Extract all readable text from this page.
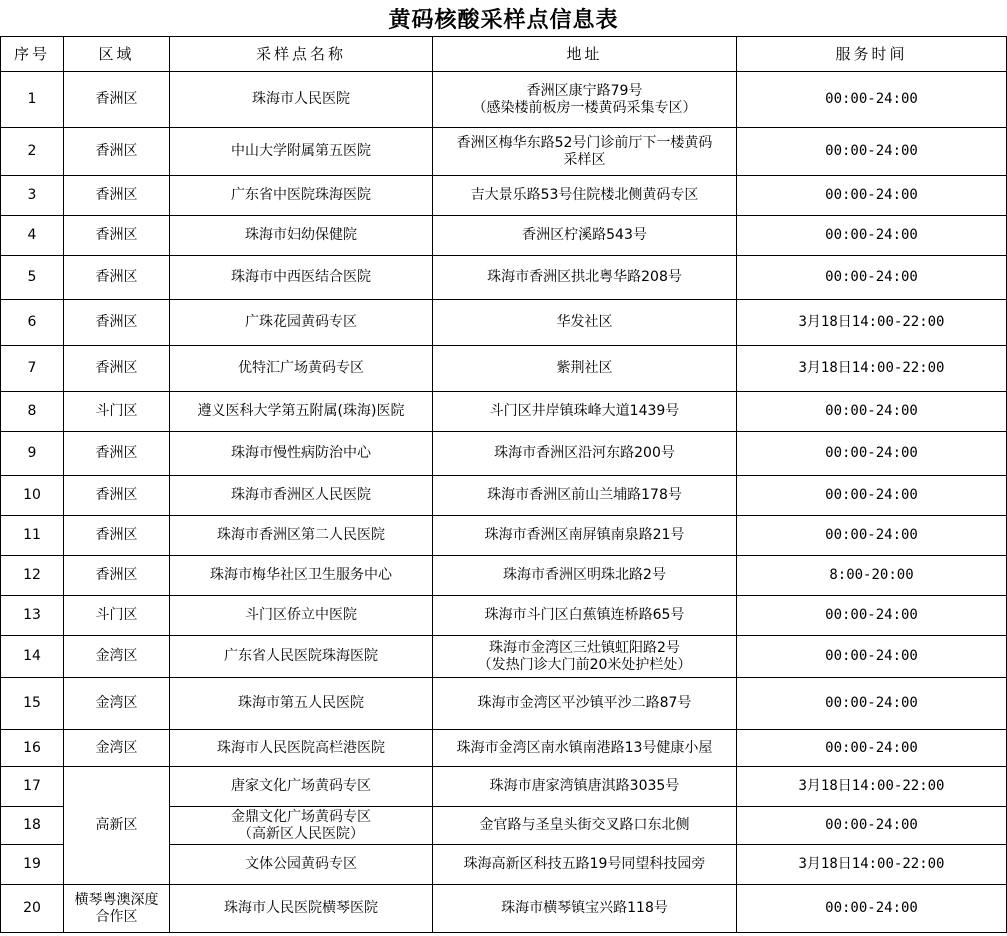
黄码核酸采样点信息表
序号	区域	采样点名称	地址	服务时间
1	香洲区	珠海市人民医院	香洲区康宁路79号
（感染楼前板房一楼黄码采集专区）	00:00-24:00
2	香洲区	中山大学附属第五医院	香洲区梅华东路52号门诊前厅下一楼黄码
采样区	00:00-24:00
3	香洲区	广东省中医院珠海医院	吉大景乐路53号住院楼北侧黄码专区	00:00-24:00
4	香洲区	珠海市妇幼保健院	香洲区柠溪路543号	00:00-24:00
5	香洲区	珠海市中西医结合医院	珠海市香洲区拱北粤华路208号	00:00-24:00
6	香洲区	广珠花园黄码专区	华发社区	3月18日14:00-22:00
7	香洲区	优特汇广场黄码专区	紫荆社区	3月18日14:00-22:00
8	斗门区	遵义医科大学第五附属(珠海)医院	斗门区井岸镇珠峰大道1439号	00:00-24:00
9	香洲区	珠海市慢性病防治中心	珠海市香洲区沿河东路200号	00:00-24:00
10	香洲区	珠海市香洲区人民医院	珠海市香洲区前山兰埔路178号	00:00-24:00
11	香洲区	珠海市香洲区第二人民医院	珠海市香洲区南屏镇南泉路21号	00:00-24:00
12	香洲区	珠海市梅华社区卫生服务中心	珠海市香洲区明珠北路2号	8:00-20:00
13	斗门区	斗门区侨立中医院	珠海市斗门区白蕉镇连桥路65号	00:00-24:00
14	金湾区	广东省人民医院珠海医院	珠海市金湾区三灶镇虹阳路2号
（发热门诊大门前20米处护栏处）	00:00-24:00
15	金湾区	珠海市第五人民医院	珠海市金湾区平沙镇平沙二路87号	00:00-24:00
16	金湾区	珠海市人民医院高栏港医院	珠海市金湾区南水镇南港路13号健康小屋	00:00-24:00
17	高新区	唐家文化广场黄码专区	珠海市唐家湾镇唐淇路3035号	3月18日14:00-22:00
18		金鼎文化广场黄码专区
（高新区人民医院）	金官路与圣皇头街交叉路口东北侧	00:00-24:00
19		文体公园黄码专区	珠海高新区科技五路19号同望科技园旁	3月18日14:00-22:00
20	横琴粤澳深度
合作区	珠海市人民医院横琴医院	珠海市横琴镇宝兴路118号	00:00-24:00
